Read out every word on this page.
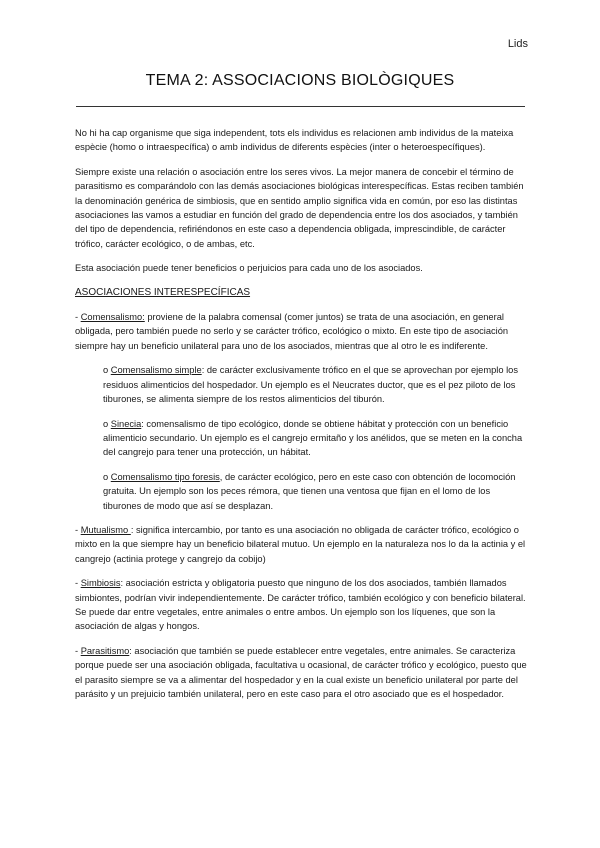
Lids
TEMA 2: ASSOCIACIONS BIOLÒGIQUES

No hi ha cap organisme que siga independent, tots els individus es relacionen amb individus de la mateixa espècie (homo o intraespecífica) o amb individus de diferents espècies (inter o heteroespecífiques).

Siempre existe una relación o asociación entre los seres vivos. La mejor manera de concebir el término de parasitismo es comparándolo con las demás asociaciones biológicas interespecíficas. Estas reciben también la denominación genérica de simbiosis, que en sentido amplio significa vida en común, por eso las distintas asociaciones las vamos a estudiar en función del grado de dependencia entre los dos asociados, y también del tipo de dependencia, refiriéndonos en este caso a dependencia obligada, imprescindible, de carácter trófico, carácter ecológico, o de ambas, etc.

Esta asociación puede tener beneficios o perjuicios para cada uno de los asociados.

ASOCIACIONES INTERESPECÍFICAS

- Comensalismo: proviene de la palabra comensal (comer juntos) se trata de una asociación, en general obligada, pero también puede no serlo y se carácter trófico, ecológico o mixto. En este tipo de asociación siempre hay un beneficio unilateral para uno de los asociados, mientras que al otro le es indiferente.

o Comensalismo simple: de carácter exclusivamente trófico en el que se aprovechan por ejemplo los residuos alimenticios del hospedador. Un ejemplo es el Neucrates ductor, que es el pez piloto de los tiburones, se alimenta siempre de los restos alimenticios del tiburón.

o Sinecia: comensalismo de tipo ecológico, donde se obtiene hábitat y protección con un beneficio alimenticio secundario. Un ejemplo es el cangrejo ermitaño y los anélidos, que se meten en la concha del cangrejo para tener una protección, un hábitat.

o Comensalismo tipo foresis, de carácter ecológico, pero en este caso con obtención de locomoción gratuita. Un ejemplo son los peces rémora, que tienen una ventosa que fijan en el lomo de los tiburones de modo que así se desplazan.

- Mutualismo : significa intercambio, por tanto es una asociación no obligada de carácter trófico, ecológico o mixto en la que siempre hay un beneficio bilateral mutuo. Un ejemplo en la naturaleza nos lo da la actinia y el cangrejo (actinia protege y cangrejo da cobijo)

- Simbiosis: asociación estricta y obligatoria puesto que ninguno de los dos asociados, también llamados simbiontes, podrían vivir independientemente. De carácter trófico, también ecológico y con beneficio bilateral. Se puede dar entre vegetales, entre animales o entre ambos. Un ejemplo son los líquenes, que son la asociación de algas y hongos.

- Parasitismo: asociación que también se puede establecer entre vegetales, entre animales. Se caracteriza porque puede ser una asociación obligada, facultativa u ocasional, de carácter trófico y ecológico, puesto que el parasito siempre se va a alimentar del hospedador y en la cual existe un beneficio unilateral por parte del parásito y un prejuicio también unilateral, pero en este caso para el otro asociado que es el hospedador.
